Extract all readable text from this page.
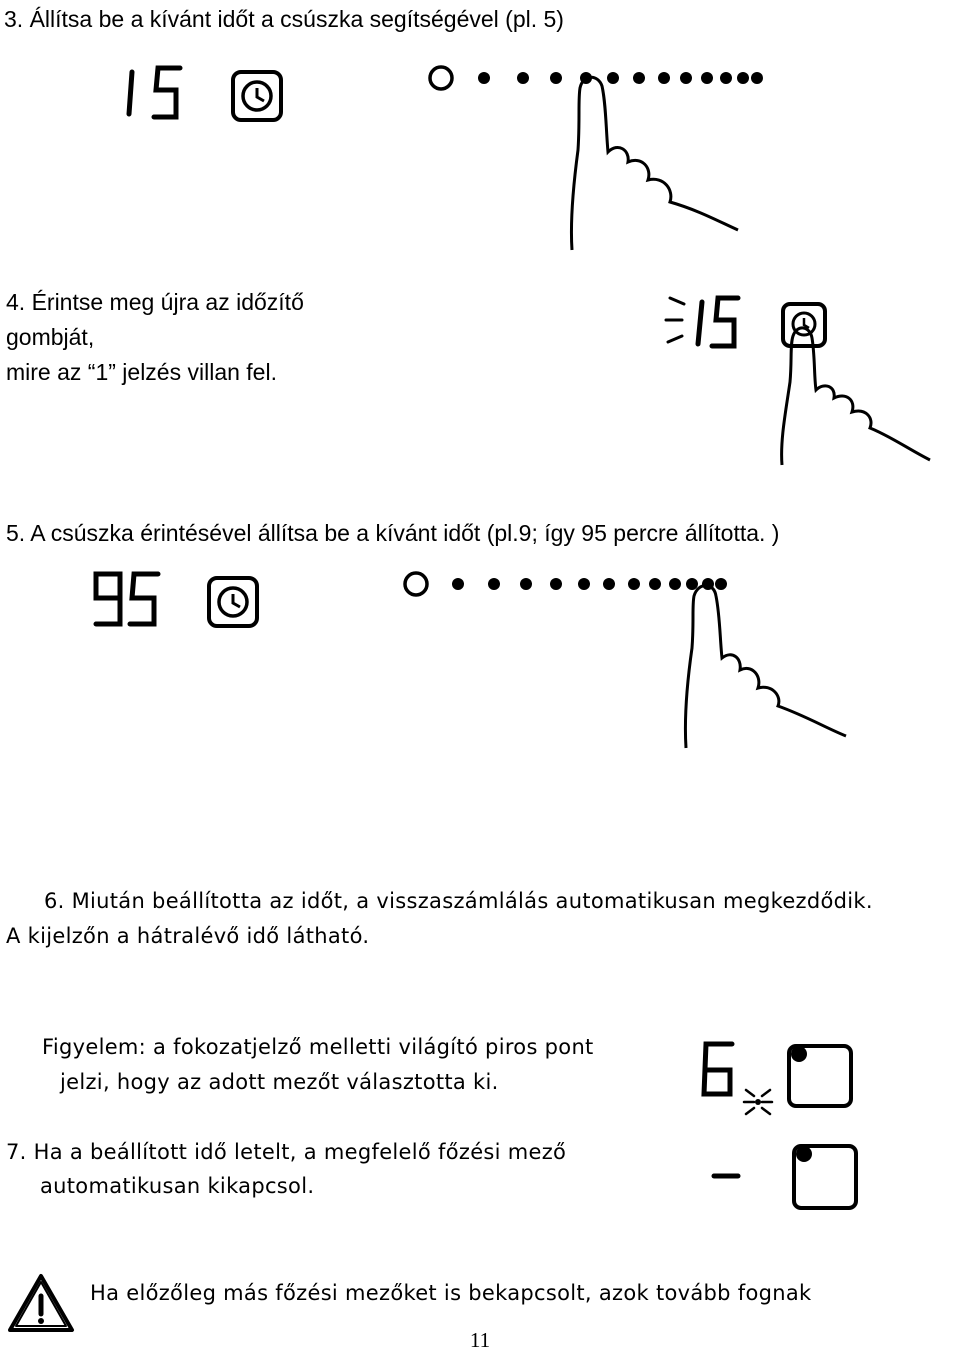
3. Állítsa be a kívánt időt a csúszka segítségével (pl. 5)
4. Érintse meg újra az időzítő
gombját,
mire az “1” jelzés villan fel.
5. A csúszka érintésével állítsa be a kívánt időt (pl.9; így 95 percre állította. )
6. Miután beállította az időt, a visszaszámlálás automatikusan megkezdődik.
A kijelzőn a hátralévő idő látható.
Figyelem: a fokozatjelző melletti világító piros pont
jelzi, hogy az adott mezőt választotta ki.
7. Ha a beállított idő letelt, a megfelelő főzési mező
automatikusan kikapcsol.
Ha előzőleg más főzési mezőket is bekapcsolt, azok tovább fognak
11
15
15
95
6
-
